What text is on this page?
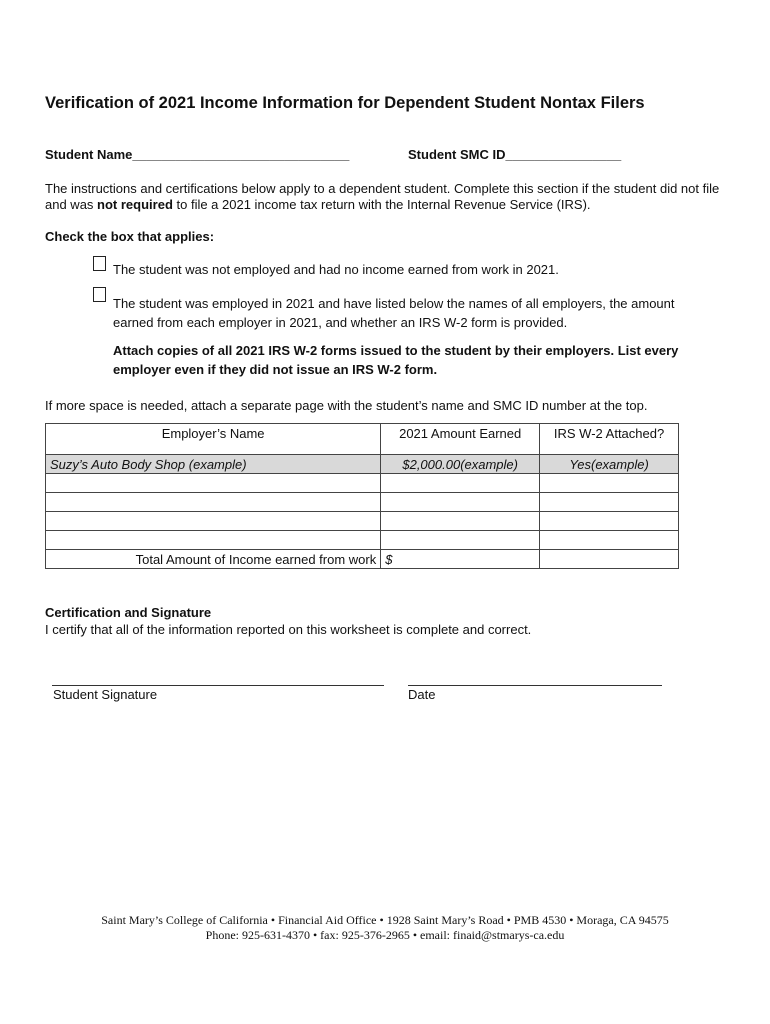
Verification of 2021 Income Information for Dependent Student Nontax Filers
Student Name______________________________	Student SMC ID________________
The instructions and certifications below apply to a dependent student. Complete this section if the student did not file and was not required to file a 2021 income tax return with the Internal Revenue Service (IRS).
Check the box that applies:
The student was not employed and had no income earned from work in 2021.
The student was employed in 2021 and have listed below the names of all employers, the amount earned from each employer in 2021, and whether an IRS W-2 form is provided.
Attach copies of all 2021 IRS W-2 forms issued to the student by their employers. List every employer even if they did not issue an IRS W-2 form.
If more space is needed, attach a separate page with the student’s name and SMC ID number at the top.
Employer’s Name	2021 Amount Earned	IRS W-2 Attached?
Suzy’s Auto Body Shop (example)	$2,000.00(example)	Yes(example)

Total Amount of Income earned from work	$	
Certification and Signature
I certify that all of the information reported on this worksheet is complete and correct.
Student Signature	Date
Saint Mary’s College of California • Financial Aid Office • 1928 Saint Mary’s Road • PMB 4530 • Moraga, CA 94575
Phone: 925-631-4370 • fax: 925-376-2965 • email: finaid@stmarys-ca.edu
